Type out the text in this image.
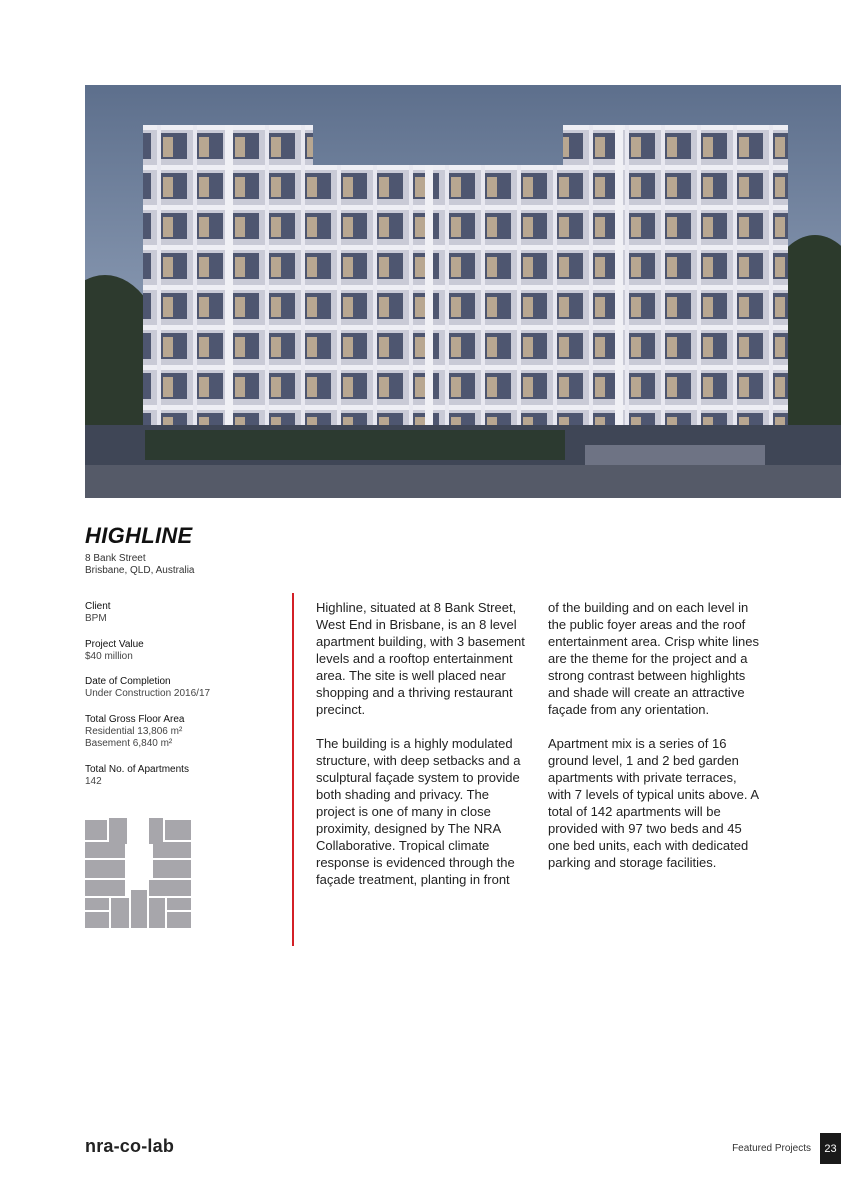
HIGHLINE
8 Bank Street
Brisbane, QLD, Australia
Client
BPM
Project Value
$40 million
Date of Completion
Under Construction 2016/17
Total Gross Floor Area
Residential 13,806 m²
Basement 6,840 m²
Total No. of Apartments
142

Highline, situated at 8 Bank Street, West End in Brisbane, is an 8 level apartment building, with 3 basement levels and a rooftop entertainment area. The site is well placed near shopping and a thriving restaurant precinct.

The building is a highly modulated structure, with deep setbacks and a sculptural façade system to provide both shading and privacy. The project is one of many in close proximity, designed by The NRA Collaborative. Tropical climate response is evidenced through the façade treatment, planting in front

of the building and on each level in the public foyer areas and the roof entertainment area. Crisp white lines are the theme for the project and a strong contrast between highlights and shade will create an attractive façade from any orientation.

Apartment mix is a series of 16 ground level, 1 and 2 bed garden apartments with private terraces, with 7 levels of typical units above. A total of 142 apartments will be provided with 97 two beds and 45 one bed units, each with dedicated parking and storage facilities.

nra-co-lab	Featured Projects	23
